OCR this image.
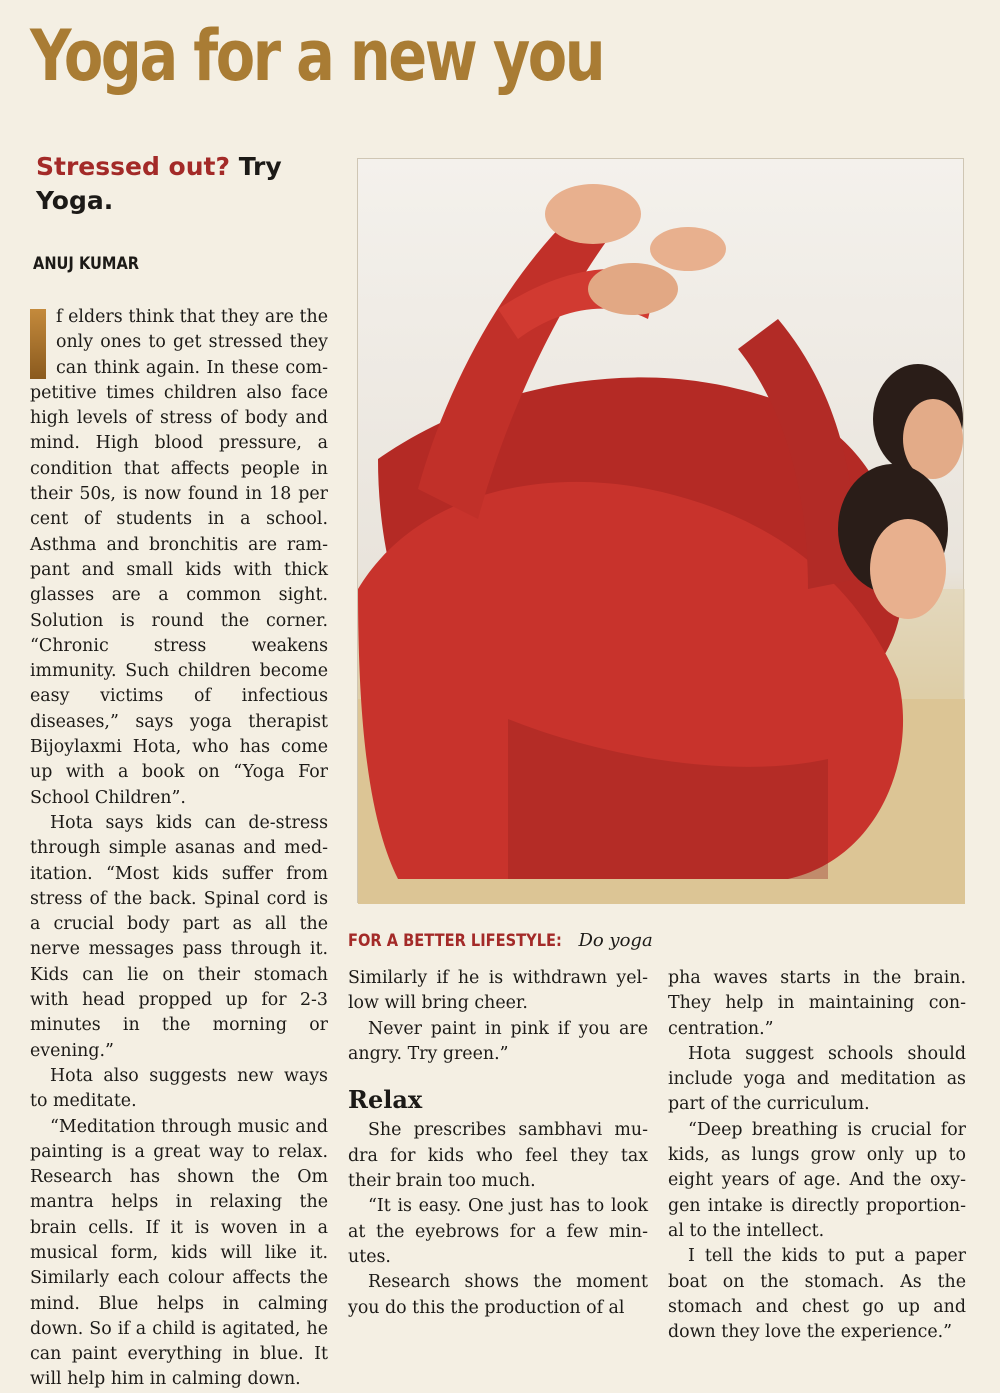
Yoga for a new you
Stressed out? Try Yoga.
ANUJ KUMAR

f elders think that they are the only ones to get stressed they can think again. In these competitive times children also face high levels of stress of body and mind. High blood pressure, a condition that affects people in their 50s, is now found in 18 per cent of students in a school. Asthma and bronchitis are rampant and small kids with thick glasses are a common sight. Solution is round the corner. “Chronic stress weakens immunity. Such children become easy victims of infectious diseases,” says yoga therapist Bijoylaxmi Hota, who has come up with a book on “Yoga For School Children”.

Hota says kids can de-stress through simple asanas and meditation. “Most kids suffer from stress of the back. Spinal cord is a crucial body part as all the nerve messages pass through it. Kids can lie on their stomach with head propped up for 2-3 minutes in the morning or evening.”

Hota also suggests new ways to meditate.

“Meditation through music and painting is a great way to relax. Research has shown the Om mantra helps in relaxing the brain cells. If it is woven in a musical form, kids will like it. Similarly each colour affects the mind. Blue helps in calming down. So if a child is agitated, he can paint everything in blue. It will help him in calming down.

FOR A BETTER LIFESTYLE: Do yoga

Similarly if he is withdrawn yellow will bring cheer.

Never paint in pink if you are angry. Try green.”

Relax

She prescribes sambhavi mudra for kids who feel they tax their brain too much.

“It is easy. One just has to look at the eyebrows for a few minutes.

Research shows the moment you do this the production of al

pha waves starts in the brain. They help in maintaining concentration.”

Hota suggest schools should include yoga and meditation as part of the curriculum.

“Deep breathing is crucial for kids, as lungs grow only up to eight years of age. And the oxygen intake is directly proportional to the intellect.

I tell the kids to put a paper boat on the stomach. As the stomach and chest go up and down they love the experience.”
